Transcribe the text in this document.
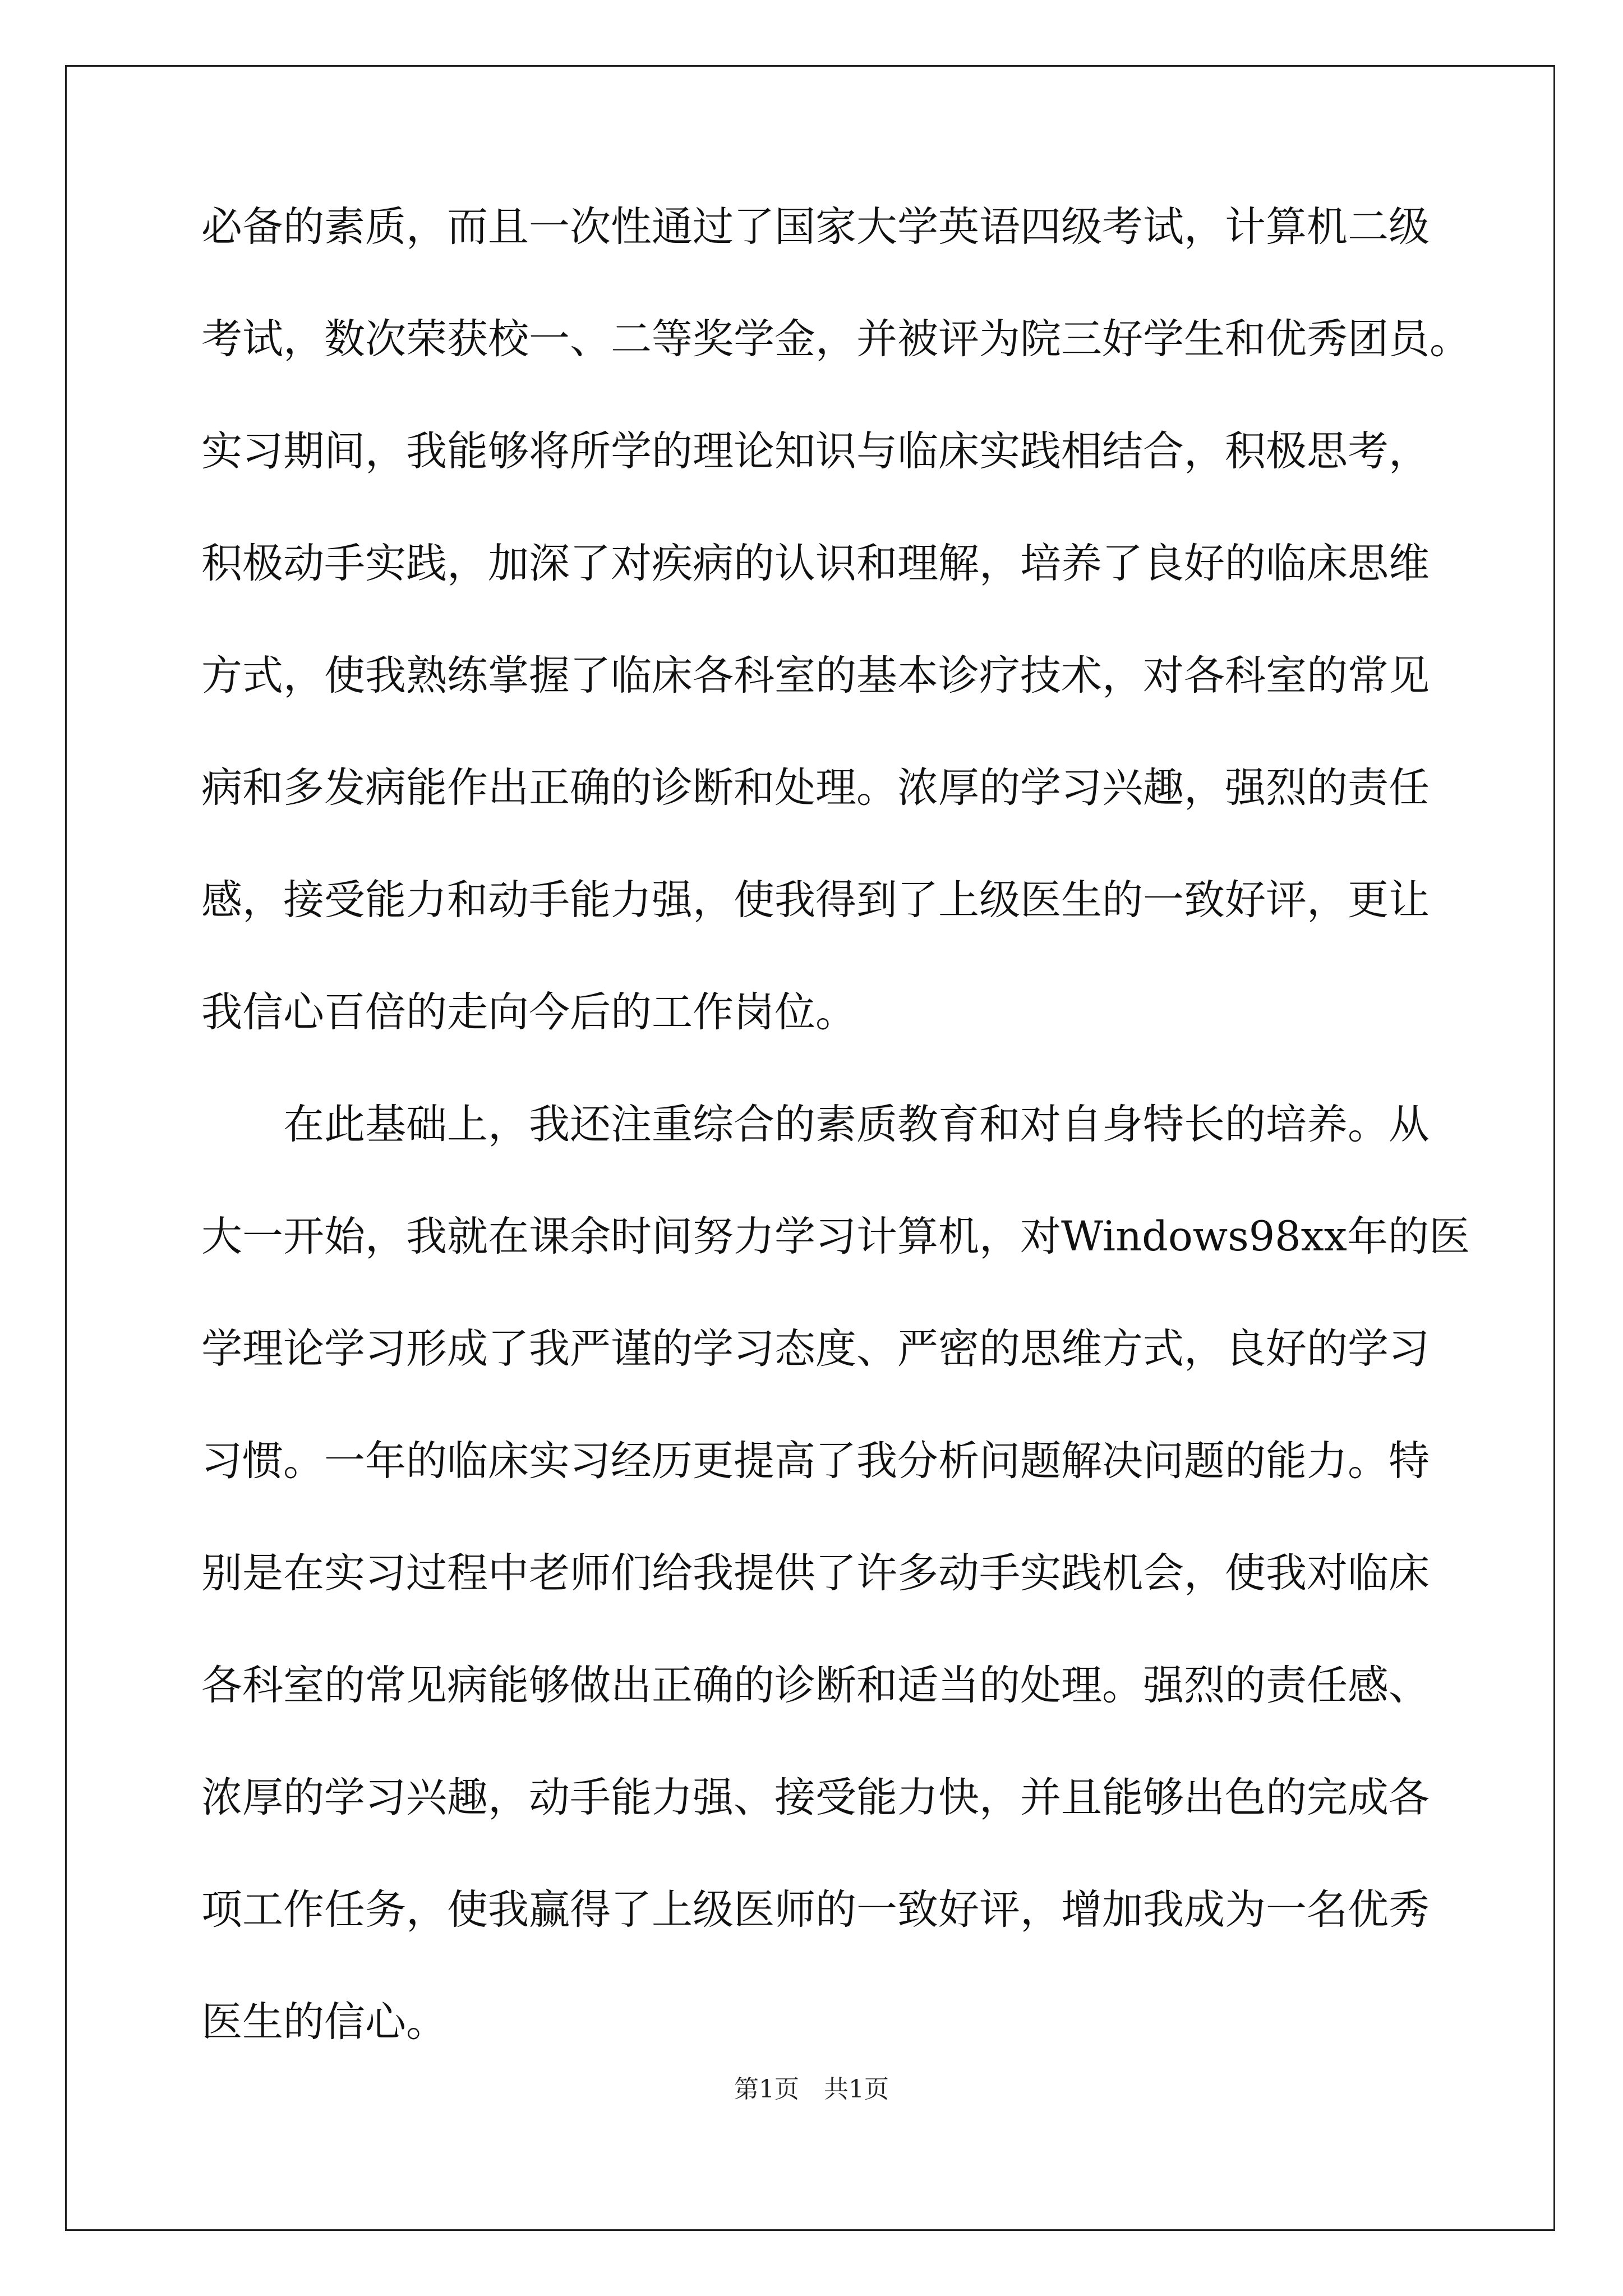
必备的素质，而且一次性通过了国家大学英语四级考试，计算机二级
考试，数次荣获校一、二等奖学金，并被评为院三好学生和优秀团员。
实习期间，我能够将所学的理论知识与临床实践相结合，积极思考，
积极动手实践，加深了对疾病的认识和理解，培养了良好的临床思维
方式，使我熟练掌握了临床各科室的基本诊疗技术，对各科室的常见
病和多发病能作出正确的诊断和处理。浓厚的学习兴趣，强烈的责任
感，接受能力和动手能力强，使我得到了上级医生的一致好评，更让
我信心百倍的走向今后的工作岗位。
在此基础上，我还注重综合的素质教育和对自身特长的培养。从
大一开始，我就在课余时间努力学习计算机，对Windows98xx年的医
学理论学习形成了我严谨的学习态度、严密的思维方式，良好的学习
习惯。一年的临床实习经历更提高了我分析问题解决问题的能力。特
别是在实习过程中老师们给我提供了许多动手实践机会，使我对临床
各科室的常见病能够做出正确的诊断和适当的处理。强烈的责任感、
浓厚的学习兴趣，动手能力强、接受能力快，并且能够出色的完成各
项工作任务，使我赢得了上级医师的一致好评，增加我成为一名优秀
医生的信心。
第1页 共1页
